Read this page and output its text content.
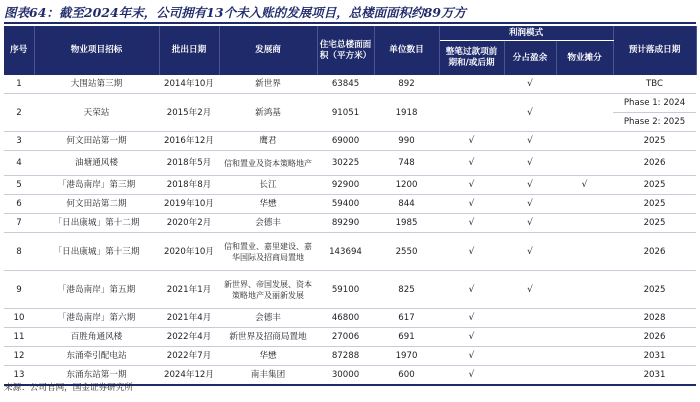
图表64：截至2024年末，公司拥有13个未入账的发展项目，总楼面面积约89万方
序号	物业项目招标	批出日期	发展商	住宅总楼面面积（平方米）	单位数目	利润模式			预计落成日期
						整笔过款项前期和/或后期	分占盈余	物业摊分	
1	大围站第三期	2014年10月	新世界	63845	892		√		TBC
2	天荣站	2015年2月	新鸿基	91051	1918		√		Phase 1: 2024
									Phase 2: 2025
3	何文田站第一期	2016年12月	鹰君	69000	990	√	√		2025
4	油塘通风楼	2018年5月	信和置业及资本策略地产	30225	748	√	√		2026
5	「港岛南岸」第三期	2018年8月	长江	92900	1200	√	√	√	2025
6	何文田站第二期	2019年10月	华懋	59400	844	√	√		2025
7	「日出康城」第十二期	2020年2月	会德丰	89290	1985	√	√		2025
8	「日出康城」第十三期	2020年10月	信和置业、嘉里建设、嘉华国际及招商局置地	143694	2550	√	√		2026
9	「港岛南岸」第五期	2021年1月	新世界、帝国发展、资本策略地产及丽新发展	59100	825	√	√		2025
10	「港岛南岸」第六期	2021年4月	会德丰	46800	617	√			2028
11	百胜角通风楼	2022年4月	新世界及招商局置地	27006	691	√			2026
12	东涌牵引配电站	2022年7月	华懋	87288	1970	√			2031
13	东涌东站第一期	2024年12月	南丰集团	30000	600	√			2031
来源：公司官网，国金证券研究所
